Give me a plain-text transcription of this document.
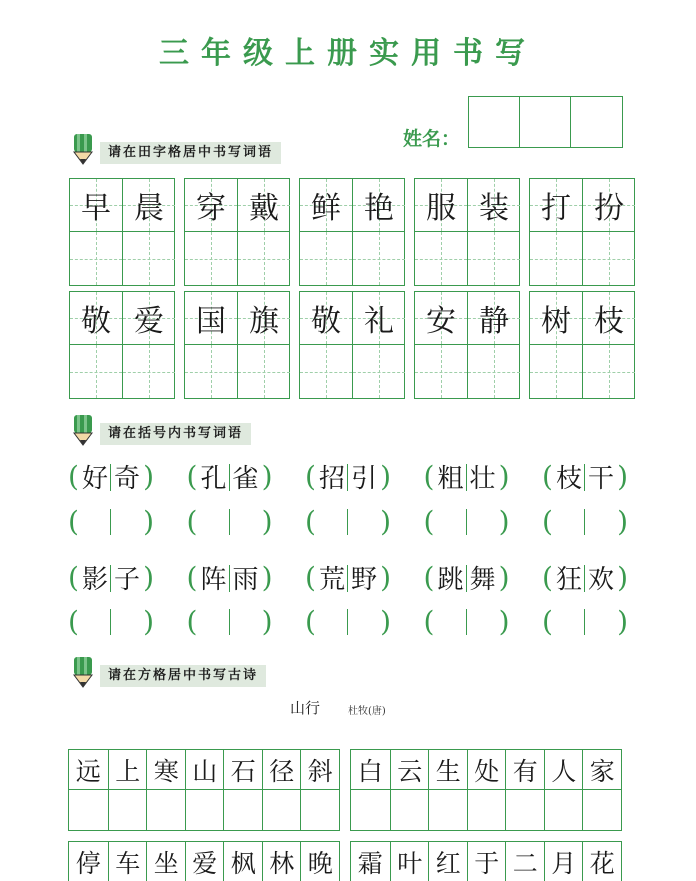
三年级上册实用书写
姓名：
请在田字格居中书写词语
早 晨	穿 戴	鲜 艳	服 装	打 扮
敬 爱	国 旗	敬 礼	安 静	树 枝
请在括号内书写词语
( 好 奇 ) ( 孔 雀 ) ( 招 引 ) ( 粗 壮 ) ( 枝 干 )
( ) ( ) ( ) ( ) ( )
( 影 子 ) ( 阵 雨 ) ( 荒 野 ) ( 跳 舞 ) ( 狂 欢 )
( ) ( ) ( ) ( ) ( )
请在方格居中书写古诗
山行	杜牧(唐)
远 上 寒 山 石 径 斜 白 云 生 处 有 人 家
停 车 坐 爱 枫 林 晚 霜 叶 红 于 二 月 花
